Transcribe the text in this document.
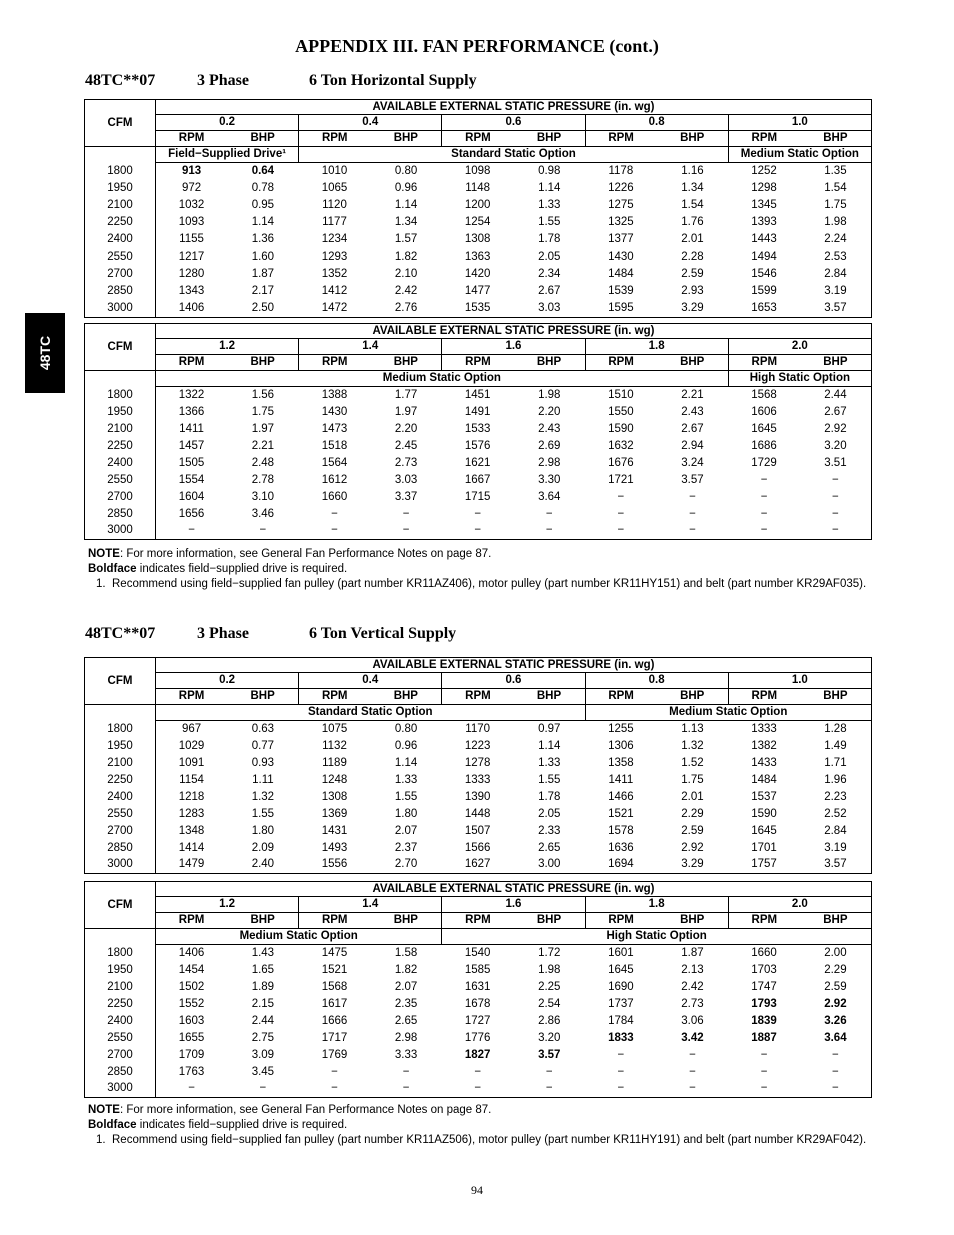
APPENDIX III. FAN PERFORMANCE (cont.)
48TC
48TC**07	3 Phase	6 Ton Horizontal Supply
CFM	AVAILABLE EXTERNAL STATIC PRESSURE (in. wg)									
	0.2		0.4		0.6		0.8		1.0	
	RPM	BHP	RPM	BHP	RPM	BHP	RPM	BHP	RPM	BHP
	Field−Supplied Drive¹		Standard Static Option						Medium Static Option	
1800	913	0.64	1010	0.80	1098	0.98	1178	1.16	1252	1.35
1950	972	0.78	1065	0.96	1148	1.14	1226	1.34	1298	1.54
2100	1032	0.95	1120	1.14	1200	1.33	1275	1.54	1345	1.75
2250	1093	1.14	1177	1.34	1254	1.55	1325	1.76	1393	1.98
2400	1155	1.36	1234	1.57	1308	1.78	1377	2.01	1443	2.24
2550	1217	1.60	1293	1.82	1363	2.05	1430	2.28	1494	2.53
2700	1280	1.87	1352	2.10	1420	2.34	1484	2.59	1546	2.84
2850	1343	2.17	1412	2.42	1477	2.67	1539	2.93	1599	3.19
3000	1406	2.50	1472	2.76	1535	3.03	1595	3.29	1653	3.57
CFM	AVAILABLE EXTERNAL STATIC PRESSURE (in. wg)									
	1.2		1.4		1.6		1.8		2.0	
	RPM	BHP	RPM	BHP	RPM	BHP	RPM	BHP	RPM	BHP
	Medium Static Option								High Static Option	
1800	1322	1.56	1388	1.77	1451	1.98	1510	2.21	1568	2.44
1950	1366	1.75	1430	1.97	1491	2.20	1550	2.43	1606	2.67
2100	1411	1.97	1473	2.20	1533	2.43	1590	2.67	1645	2.92
2250	1457	2.21	1518	2.45	1576	2.69	1632	2.94	1686	3.20
2400	1505	2.48	1564	2.73	1621	2.98	1676	3.24	1729	3.51
2550	1554	2.78	1612	3.03	1667	3.30	1721	3.57	−	−
2700	1604	3.10	1660	3.37	1715	3.64	−	−	−	−
2850	1656	3.46	−	−	−	−	−	−	−	−
3000	−	−	−	−	−	−	−	−	−	−

NOTE: For more information, see General Fan Performance Notes on page 87.

Boldface indicates field−supplied drive is required.

1. Recommend using field−supplied fan pulley (part number KR11AZ406), motor pulley (part number KR11HY151) and belt (part number KR29AF035).
48TC**07	3 Phase	6 Ton Vertical Supply
CFM	AVAILABLE EXTERNAL STATIC PRESSURE (in. wg)									
	0.2		0.4		0.6		0.8		1.0	
	RPM	BHP	RPM	BHP	RPM	BHP	RPM	BHP	RPM	BHP
	Standard Static Option						Medium Static Option			
1800	967	0.63	1075	0.80	1170	0.97	1255	1.13	1333	1.28
1950	1029	0.77	1132	0.96	1223	1.14	1306	1.32	1382	1.49
2100	1091	0.93	1189	1.14	1278	1.33	1358	1.52	1433	1.71
2250	1154	1.11	1248	1.33	1333	1.55	1411	1.75	1484	1.96
2400	1218	1.32	1308	1.55	1390	1.78	1466	2.01	1537	2.23
2550	1283	1.55	1369	1.80	1448	2.05	1521	2.29	1590	2.52
2700	1348	1.80	1431	2.07	1507	2.33	1578	2.59	1645	2.84
2850	1414	2.09	1493	2.37	1566	2.65	1636	2.92	1701	3.19
3000	1479	2.40	1556	2.70	1627	3.00	1694	3.29	1757	3.57
CFM	AVAILABLE EXTERNAL STATIC PRESSURE (in. wg)									
	1.2		1.4		1.6		1.8		2.0	
	RPM	BHP	RPM	BHP	RPM	BHP	RPM	BHP	RPM	BHP
	Medium Static Option				High Static Option					
1800	1406	1.43	1475	1.58	1540	1.72	1601	1.87	1660	2.00
1950	1454	1.65	1521	1.82	1585	1.98	1645	2.13	1703	2.29
2100	1502	1.89	1568	2.07	1631	2.25	1690	2.42	1747	2.59
2250	1552	2.15	1617	2.35	1678	2.54	1737	2.73	1793	2.92
2400	1603	2.44	1666	2.65	1727	2.86	1784	3.06	1839	3.26
2550	1655	2.75	1717	2.98	1776	3.20	1833	3.42	1887	3.64
2700	1709	3.09	1769	3.33	1827	3.57	−	−	−	−
2850	1763	3.45	−	−	−	−	−	−	−	−
3000	−	−	−	−	−	−	−	−	−	−

NOTE: For more information, see General Fan Performance Notes on page 87.

Boldface indicates field−supplied drive is required.

1. Recommend using field−supplied fan pulley (part number KR11AZ506), motor pulley (part number KR11HY191) and belt (part number KR29AF042).
94
